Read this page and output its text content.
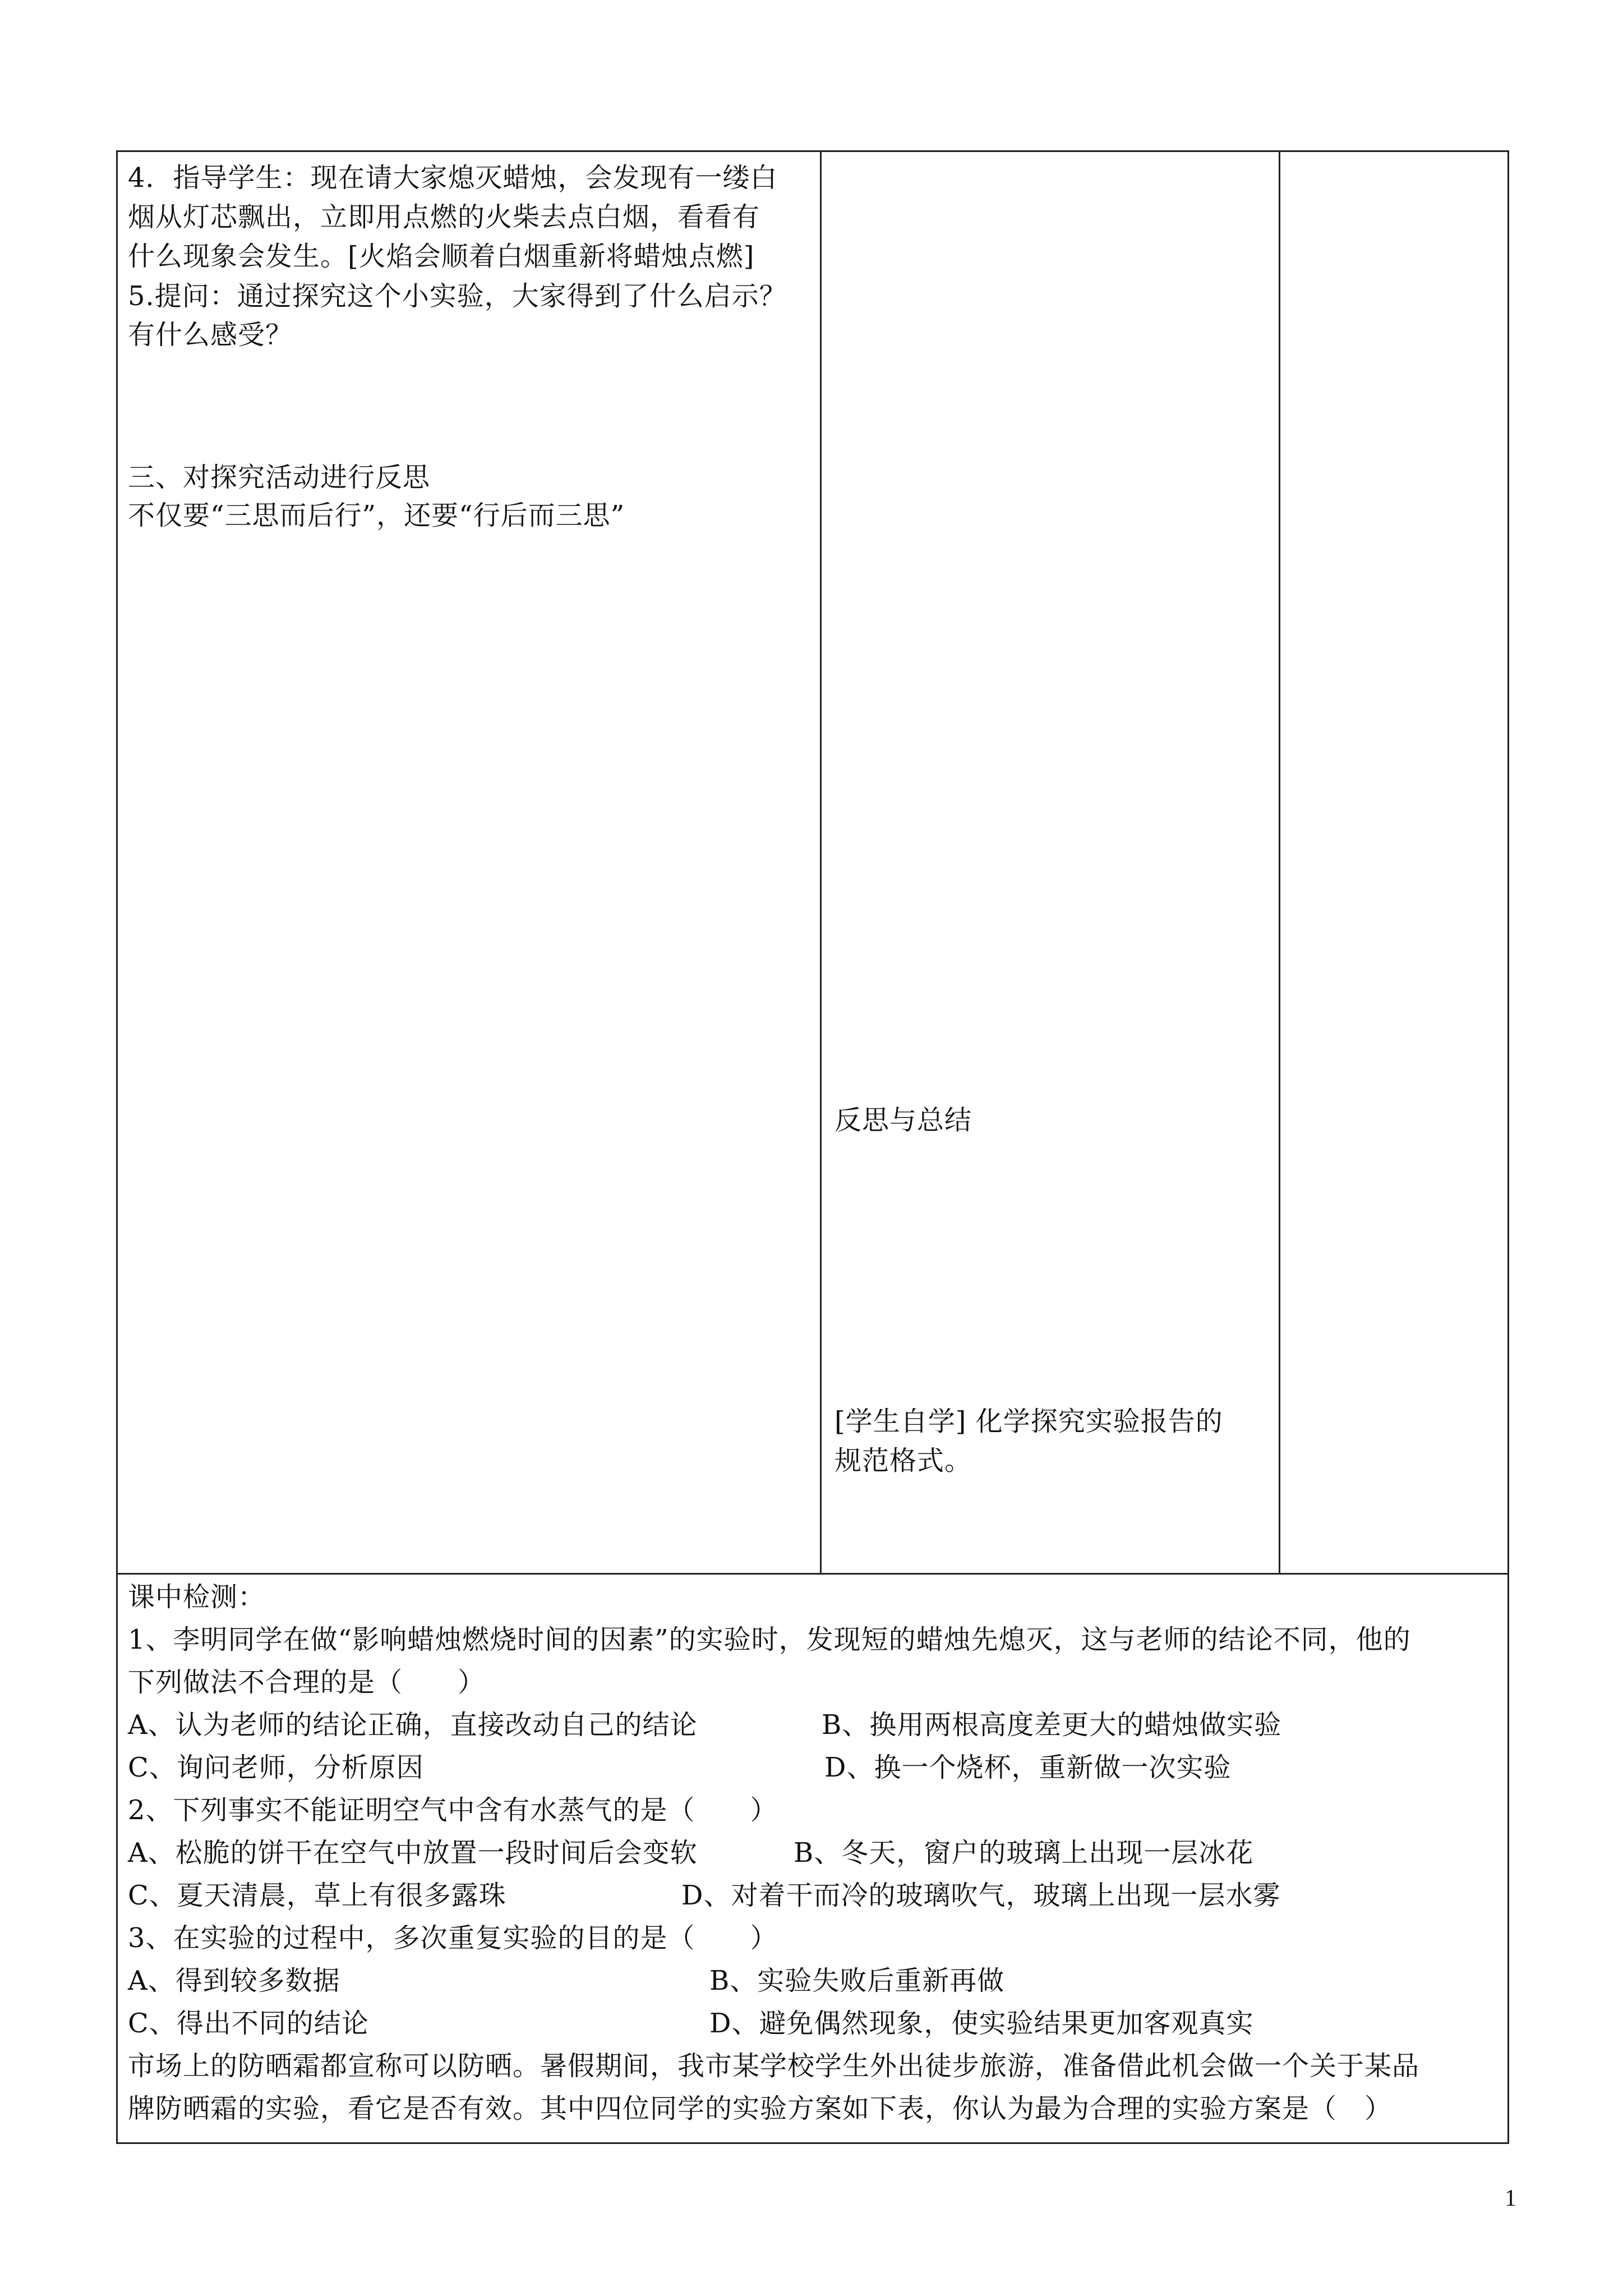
4．指导学生：现在请大家熄灭蜡烛，会发现有一缕白
烟从灯芯飘出，立即用点燃的火柴去点白烟，看看有
什么现象会发生。[火焰会顺着白烟重新将蜡烛点燃]
5.提问：通过探究这个小实验，大家得到了什么启示？
有什么感受？
三、对探究活动进行反思
不仅要“三思而后行”，还要“行后而三思”
反思与总结
[学生自学] 化学探究实验报告的
规范格式。
课中检测：
1、李明同学在做“影响蜡烛燃烧时间的因素”的实验时，发现短的蜡烛先熄灭，这与老师的结论不同，他的
下列做法不合理的是（　　）
A、认为老师的结论正确，直接改动自己的结论	B、换用两根高度差更大的蜡烛做实验
C、询问老师，分析原因	D、换一个烧杯，重新做一次实验
2、下列事实不能证明空气中含有水蒸气的是（　　）
A、松脆的饼干在空气中放置一段时间后会变软	B、冬天，窗户的玻璃上出现一层冰花
C、夏天清晨，草上有很多露珠	D、对着干而冷的玻璃吹气，玻璃上出现一层水雾
3、在实验的过程中，多次重复实验的目的是（　　）
A、得到较多数据	B、实验失败后重新再做
C、得出不同的结论	D、避免偶然现象，使实验结果更加客观真实
市场上的防晒霜都宣称可以防晒。暑假期间，我市某学校学生外出徒步旅游，准备借此机会做一个关于某品
牌防晒霜的实验，看它是否有效。其中四位同学的实验方案如下表，你认为最为合理的实验方案是（　）
1
